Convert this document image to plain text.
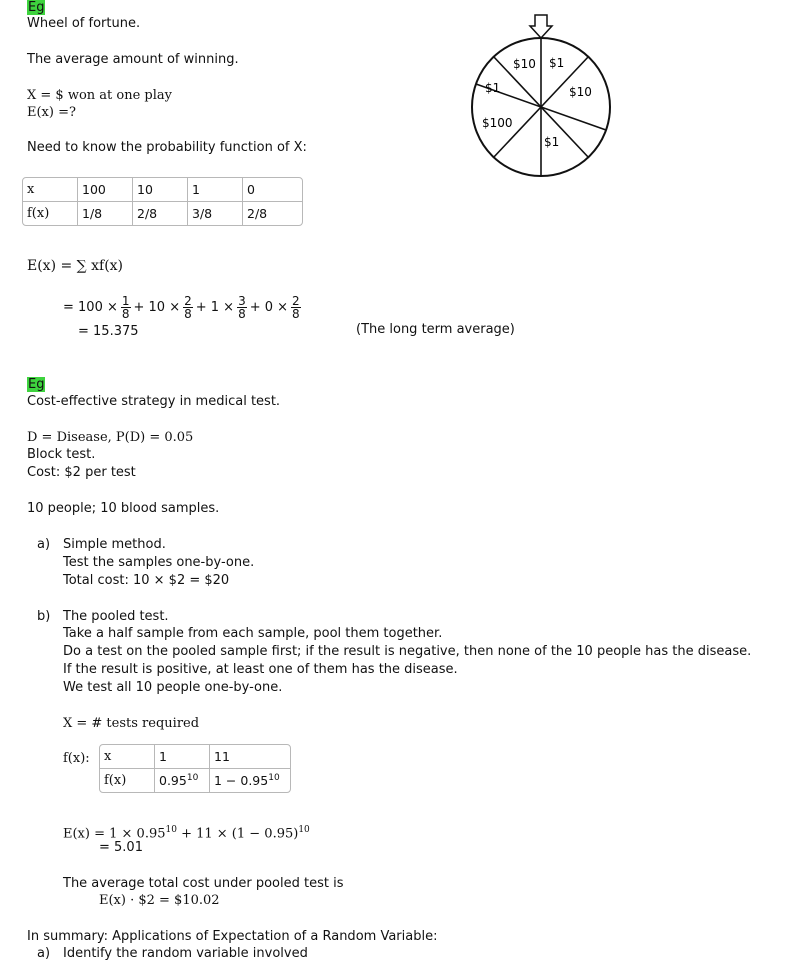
Eg
Wheel of fortune.
The average amount of winning.
X = $ won at one play
E(x) =?
Need to know the probability function of X:
x	100	10	1	0
f(x)	1/8	2/8	3/8	2/8
E(x) = ∑ xf(x)
= $100 \times \frac{1}{8} + 10 \times \frac{2}{8} + 1 \times \frac{3}{8} + 0 \times \frac{2}{8}$
= 15.375	(The long term average)
$10 $1
$1	$10
$100
$1
Eg
Cost-effective strategy in medical test.
D = Disease, P(D) = 0.05
Block test.
Cost: $2 per test
10 people; 10 blood samples.
a) Simple method.
Test the samples one-by-one.
Total cost: 10 × $2 = $20
b) The pooled test.
Take a half sample from each sample, pool them together.
Do a test on the pooled sample first; if the result is negative, then none of the 10 people has the disease.
If the result is positive, at least one of them has the disease.
We test all 10 people one-by-one.
X = # tests required
f(x): x	1	11
f(x)	0.95$^{10}$	$1 - 0.95^{10}$
$E(x) = 1 \times 0.95^{10} + 11 \times (1 - 0.95)^{10}$
= 5.01
The average total cost under pooled test is
E(x) · $2 = $10.02
In summary: Applications of Expectation of a Random Variable:
a) Identify the random variable involved
